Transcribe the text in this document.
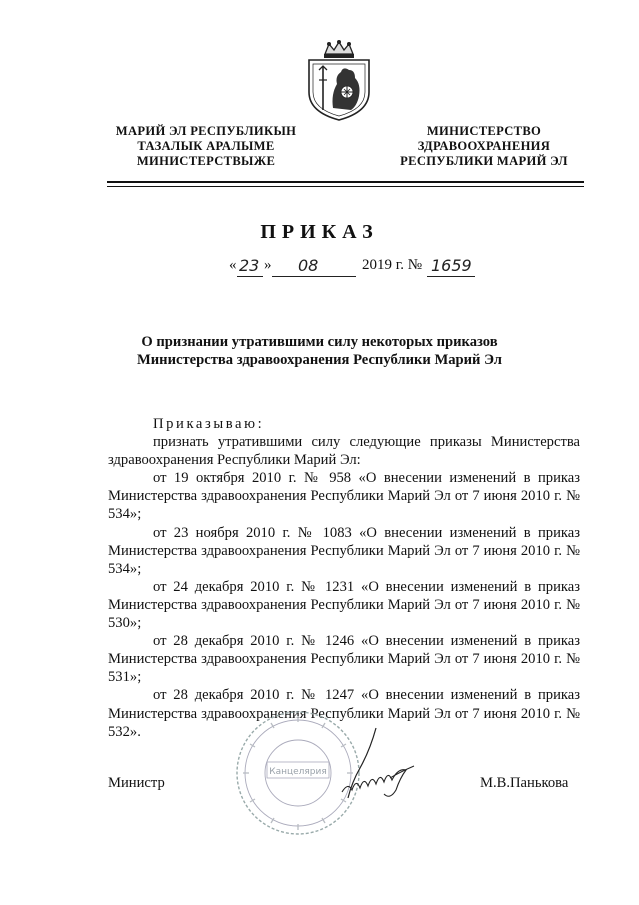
МАРИЙ ЭЛ РЕСПУБЛИКЫН
ТАЗАЛЫК АРАЛЫМЕ
МИНИСТЕРСТВЫЖЕ
МИНИСТЕРСТВО
ЗДРАВООХРАНЕНИЯ
РЕСПУБЛИКИ МАРИЙ ЭЛ
ПРИКАЗ
« 23 » 08	2019 г. № 1659
О признании утратившими силу некоторых приказов
Министерства здравоохранения Республики Марий Эл

Приказываю:

признать утратившими силу следующие приказы Министерства здравоохранения Республики Марий Эл:

от 19 октября 2010 г. № 958 «О внесении изменений в приказ Министерства здравоохранения Республики Марий Эл от 7 июня 2010 г. № 534»;

от 23 ноября 2010 г. № 1083 «О внесении изменений в приказ Министерства здравоохранения Республики Марий Эл от 7 июня 2010 г. № 534»;

от 24 декабря 2010 г. № 1231 «О внесении изменений в приказ Министерства здравоохранения Республики Марий Эл от 7 июня 2010 г. № 530»;

от 28 декабря 2010 г. № 1246 «О внесении изменений в приказ Министерства здравоохранения Республики Марий Эл от 7 июня 2010 г. № 531»;

от 28 декабря 2010 г. № 1247 «О внесении изменений в приказ Министерства здравоохранения Республики Марий Эл от 7 июня 2010 г. № 532».

Канцелярия
Министр	М.В.Панькова
